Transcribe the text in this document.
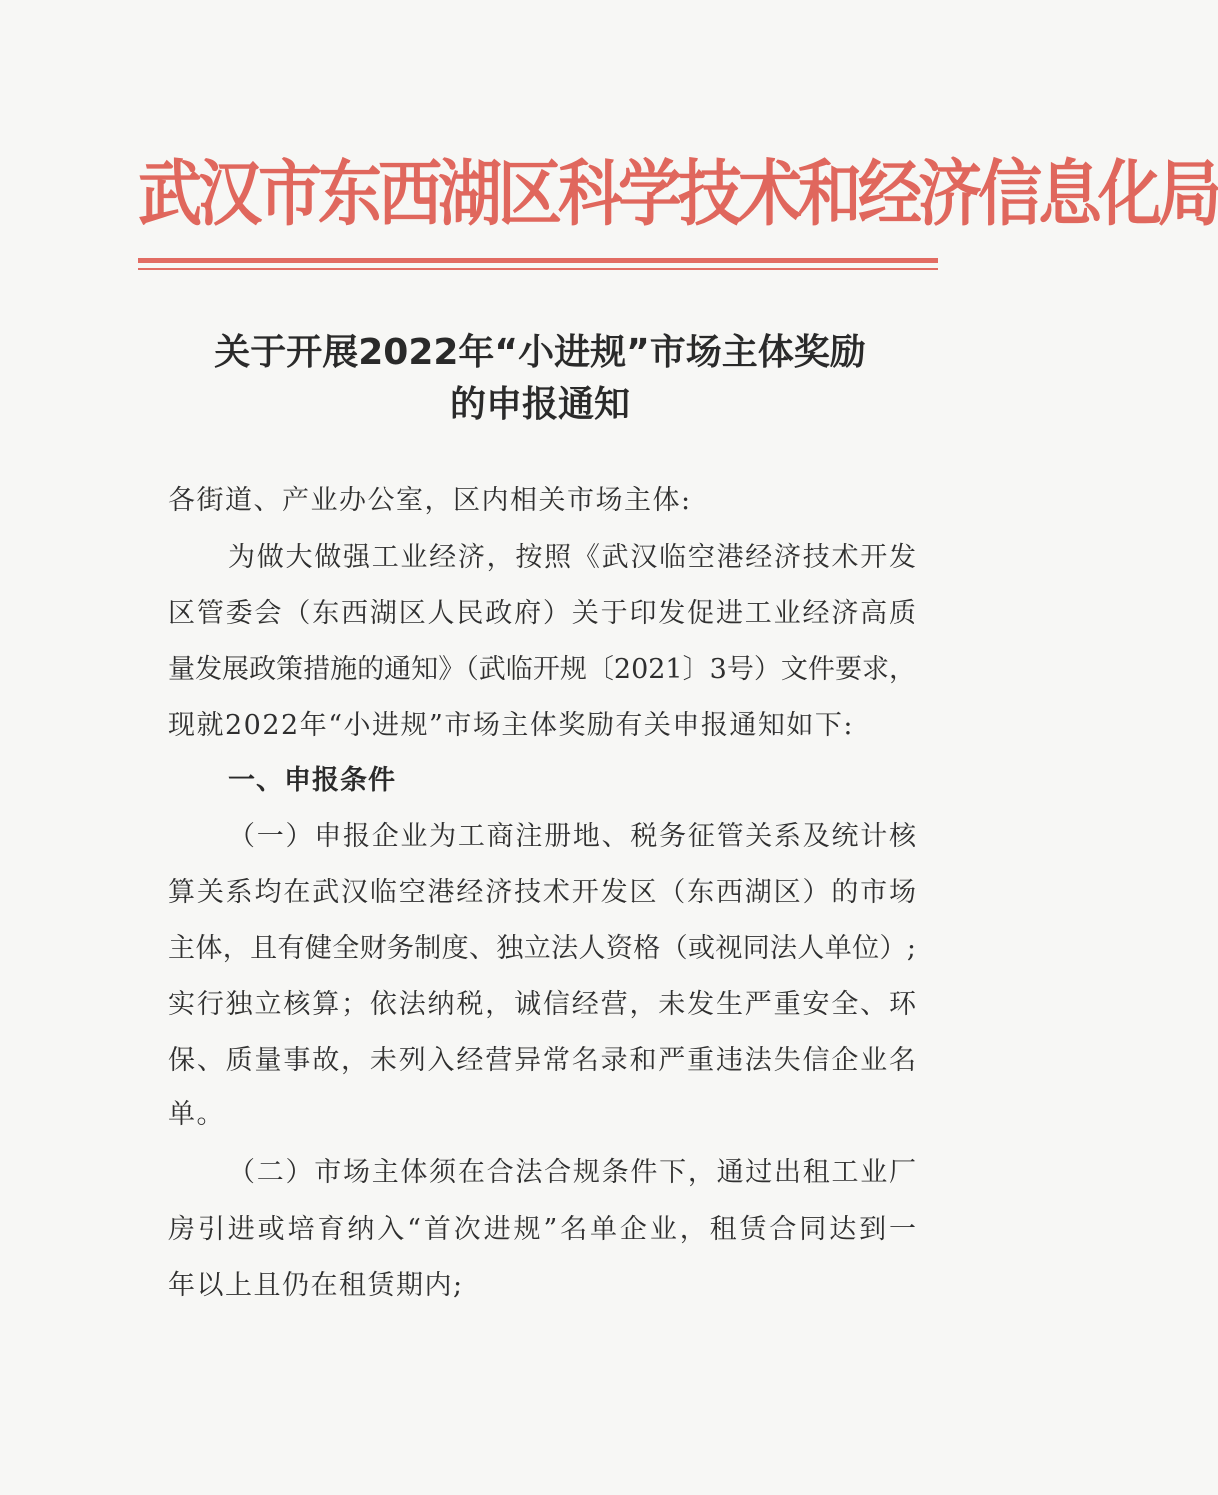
武汉市东西湖区科学技术和经济信息化局
关于开展2022年“小进规”市场主体奖励
的申报通知
各街道、产业办公室，区内相关市场主体:
为做大做强工业经济，按照《武汉临空港经济技术开发
区管委会（东西湖区人民政府）关于印发促进工业经济高质
量发展政策措施的通知》（武临开规〔2021〕3号）文件要求，
现就2022年“小进规”市场主体奖励有关申报通知如下:
一、申报条件
（一）申报企业为工商注册地、税务征管关系及统计核
算关系均在武汉临空港经济技术开发区（东西湖区）的市场
主体，且有健全财务制度、独立法人资格（或视同法人单位）;
实行独立核算；依法纳税，诚信经营，未发生严重安全、环
保、质量事故，未列入经营异常名录和严重违法失信企业名
单。
（二）市场主体须在合法合规条件下，通过出租工业厂
房引进或培育纳入“首次进规”名单企业，租赁合同达到一
年以上且仍在租赁期内;
